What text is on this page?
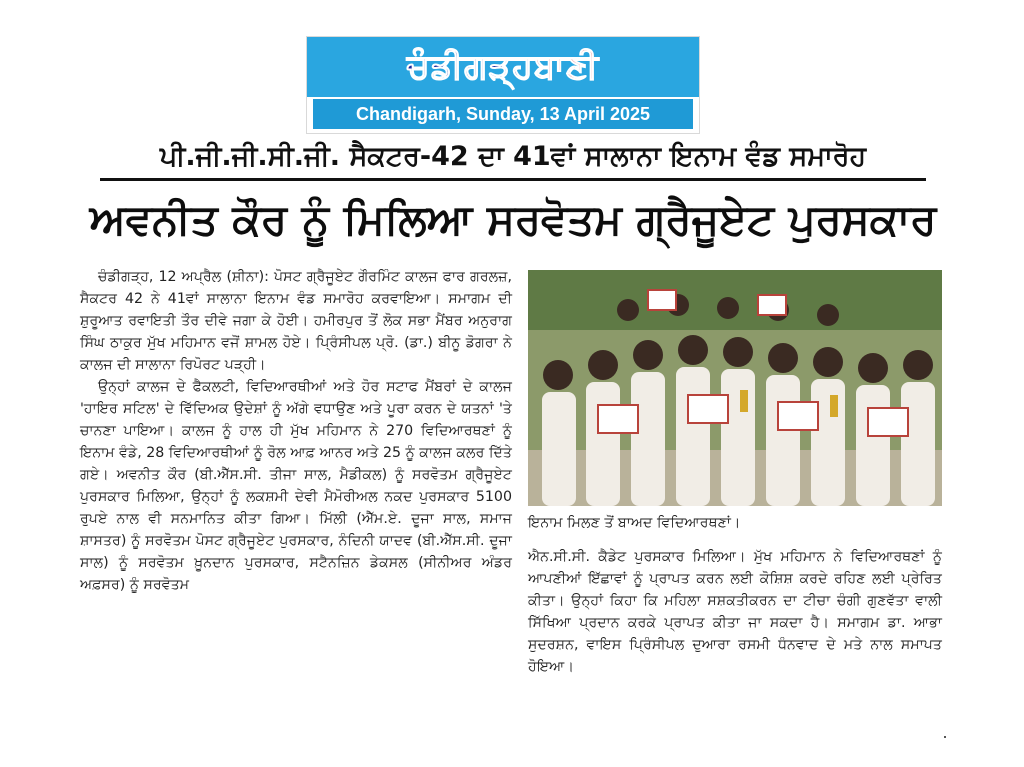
ਚੰਡੀਗੜ੍ਹਬਾਣੀ
Chandigarh, Sunday, 13 April 2025
ਪੀ.ਜੀ.ਜੀ.ਸੀ.ਜੀ. ਸੈਕਟਰ-42 ਦਾ 41ਵਾਂ ਸਾਲਾਨਾ ਇਨਾਮ ਵੰਡ ਸਮਾਰੋਹ
ਅਵਨੀਤ ਕੌਰ ਨੂੰ ਮਿਲਿਆ ਸਰਵੋਤਮ ਗ੍ਰੈਜੂਏਟ ਪੁਰਸਕਾਰ

ਚੰਡੀਗੜ੍ਹ, 12 ਅਪ੍ਰੈਲ (ਸ਼ੀਨਾ): ਪੋਸਟ ਗ੍ਰੈਜੂਏਟ ਗੌਰਮਿੰਟ ਕਾਲਜ ਫਾਰ ਗਰਲਜ਼, ਸੈਕਟਰ 42 ਨੇ 41ਵਾਂ ਸਾਲਾਨਾ ਇਨਾਮ ਵੰਡ ਸਮਾਰੋਹ ਕਰਵਾਇਆ। ਸਮਾਗਮ ਦੀ ਸ਼ੁਰੂਆਤ ਰਵਾਇਤੀ ਤੌਰ ਦੀਵੇ ਜਗਾ ਕੇ ਹੋਈ। ਹਮੀਰਪੁਰ ਤੋਂ ਲੋਕ ਸਭਾ ਮੈਂਬਰ ਅਨੁਰਾਗ ਸਿੰਘ ਠਾਕੁਰ ਮੁੱਖ ਮਹਿਮਾਨ ਵਜੋਂ ਸ਼ਾਮਲ ਹੋਏ। ਪ੍ਰਿੰਸੀਪਲ ਪ੍ਰੋ. (ਡਾ.) ਬੀਨੂ ਡੋਗਰਾ ਨੇ ਕਾਲਜ ਦੀ ਸਾਲਾਨਾ ਰਿਪੋਰਟ ਪੜ੍ਹੀ।

ਉਨ੍ਹਾਂ ਕਾਲਜ ਦੇ ਫੈਕਲਟੀ, ਵਿਦਿਆਰਥੀਆਂ ਅਤੇ ਹੋਰ ਸਟਾਫ ਮੈਂਬਰਾਂ ਦੇ ਕਾਲਜ 'ਹਾਇਰ ਸਟਿਲ' ਦੇ ਵਿੱਦਿਅਕ ਉਦੇਸ਼ਾਂ ਨੂੰ ਅੱਗੇ ਵਧਾਉਣ ਅਤੇ ਪੂਰਾ ਕਰਨ ਦੇ ਯਤਨਾਂ 'ਤੇ ਚਾਨਣਾ ਪਾਇਆ। ਕਾਲਜ ਨੂੰ ਹਾਲ ਹੀ ਮੁੱਖ ਮਹਿਮਾਨ ਨੇ 270 ਵਿਦਿਆਰਥਣਾਂ ਨੂੰ ਇਨਾਮ ਵੰਡੇ, 28 ਵਿਦਿਆਰਥੀਆਂ ਨੂੰ ਰੋਲ ਆਫ਼ ਆਨਰ ਅਤੇ 25 ਨੂੰ ਕਾਲਜ ਕਲਰ ਦਿੱਤੇ ਗਏ। ਅਵਨੀਤ ਕੌਰ (ਬੀ.ਐੱਸ.ਸੀ. ਤੀਜਾ ਸਾਲ, ਮੈਡੀਕਲ) ਨੂੰ ਸਰਵੋਤਮ ਗ੍ਰੈਜੂਏਟ ਪੁਰਸਕਾਰ ਮਿਲਿਆ, ਉਨ੍ਹਾਂ ਨੂੰ ਲਕਸ਼ਮੀ ਦੇਵੀ ਮੈਮੋਰੀਅਲ ਨਕਦ ਪੁਰਸਕਾਰ 5100 ਰੁਪਏ ਨਾਲ ਵੀ ਸਨਮਾਨਿਤ ਕੀਤਾ ਗਿਆ। ਮਿੱਲੀ (ਐੱਮ.ਏ. ਦੂਜਾ ਸਾਲ, ਸਮਾਜ ਸ਼ਾਸਤਰ) ਨੂੰ ਸਰਵੋਤਮ ਪੋਸਟ ਗ੍ਰੈਜੂਏਟ ਪੁਰਸਕਾਰ, ਨੰਦਿਨੀ ਯਾਦਵ (ਬੀ.ਐੱਸ.ਸੀ. ਦੂਜਾ ਸਾਲ) ਨੂੰ ਸਰਵੋਤਮ ਖ਼ੂਨਦਾਨ ਪੁਰਸਕਾਰ, ਸਟੈਨਜ਼ਿਨ ਡੇਕਸਲ (ਸੀਨੀਅਰ ਅੰਡਰ ਅਫ਼ਸਰ) ਨੂੰ ਸਰਵੋਤਮ

ਇਨਾਮ ਮਿਲਣ ਤੋਂ ਬਾਅਦ ਵਿਦਿਆਰਥਣਾਂ।

ਐਨ.ਸੀ.ਸੀ. ਕੈਡੇਟ ਪੁਰਸਕਾਰ ਮਿਲਿਆ। ਮੁੱਖ ਮਹਿਮਾਨ ਨੇ ਵਿਦਿਆਰਥਣਾਂ ਨੂੰ ਆਪਣੀਆਂ ਇੱਛਾਵਾਂ ਨੂੰ ਪ੍ਰਾਪਤ ਕਰਨ ਲਈ ਕੋਸ਼ਿਸ਼ ਕਰਦੇ ਰਹਿਣ ਲਈ ਪ੍ਰੇਰਿਤ ਕੀਤਾ। ਉਨ੍ਹਾਂ ਕਿਹਾ ਕਿ ਮਹਿਲਾ ਸਸ਼ਕਤੀਕਰਨ ਦਾ ਟੀਚਾ ਚੰਗੀ ਗੁਣਵੱਤਾ ਵਾਲੀ ਸਿੱਖਿਆ ਪ੍ਰਦਾਨ ਕਰਕੇ ਪ੍ਰਾਪਤ ਕੀਤਾ ਜਾ ਸਕਦਾ ਹੈ। ਸਮਾਗਮ ਡਾ. ਆਭਾ ਸੁਦਰਸ਼ਨ, ਵਾਇਸ ਪ੍ਰਿੰਸੀਪਲ ਦੁਆਰਾ ਰਸਮੀ ਧੰਨਵਾਦ ਦੇ ਮਤੇ ਨਾਲ ਸਮਾਪਤ ਹੋਇਆ।
